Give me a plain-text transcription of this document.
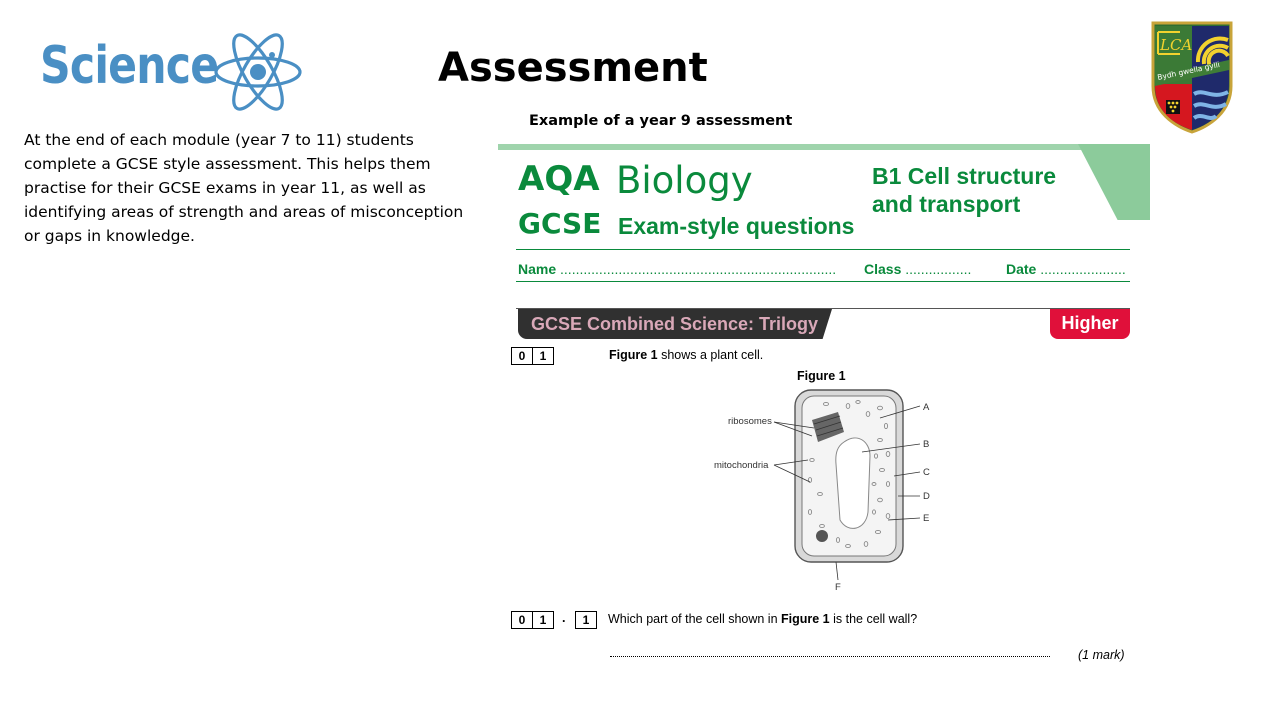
Science	Assessment	LCA
Bydh gwella gylli
At the end of each module (year 7 to 11) students complete a GCSE style assessment. This helps them practise for their GCSE exams in year 11, as well as identifying areas of strength and areas of misconception or gaps in knowledge.
Example of a year 9 assessment
AQA Biology
GCSE Exam-style questions
B1 Cell structure
and transport
Name ....................................................................... Class ................. Date ......................
GCSE Combined Science: Trilogy	Higher
0	1	Figure 1 shows a plant cell.
Figure 1
ribosomes
mitochondria
A
B
C
D
E
F
0	1	.	1	Which part of the cell shown in Figure 1 is the cell wall?
(1 mark)
